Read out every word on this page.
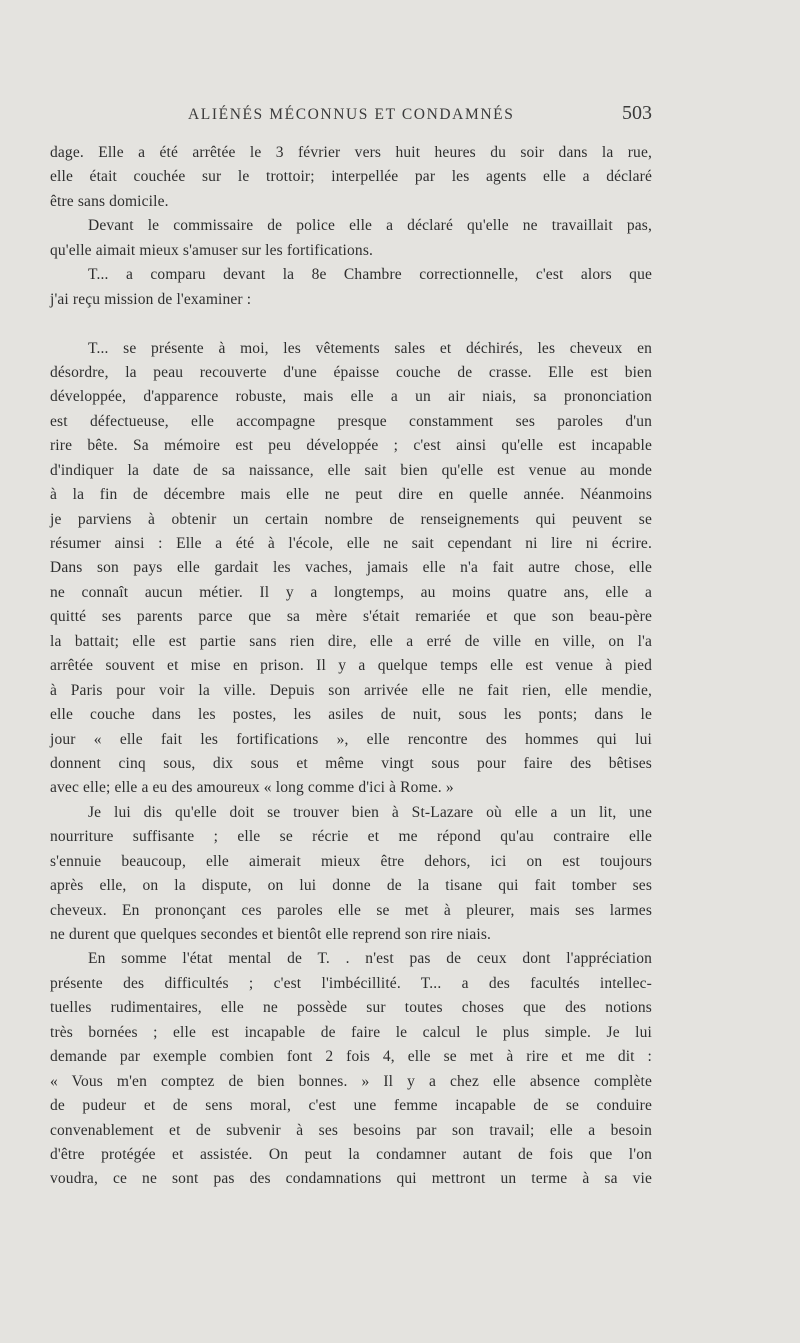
ALIÉNÉS MÉCONNUS ET CONDAMNÉS	503
dage. Elle a été arrêtée le 3 février vers huit heures du soir dans la rue,
elle était couchée sur le trottoir; interpellée par les agents elle a déclaré
être sans domicile.
Devant le commissaire de police elle a déclaré qu'elle ne travaillait pas,
qu'elle aimait mieux s'amuser sur les fortifications.
T... a comparu devant la 8e Chambre correctionnelle, c'est alors que
j'ai reçu mission de l'examiner :
T... se présente à moi, les vêtements sales et déchirés, les cheveux en
désordre, la peau recouverte d'une épaisse couche de crasse. Elle est bien
développée, d'apparence robuste, mais elle a un air niais, sa prononciation
est défectueuse, elle accompagne presque constamment ses paroles d'un
rire bête. Sa mémoire est peu développée ; c'est ainsi qu'elle est incapable
d'indiquer la date de sa naissance, elle sait bien qu'elle est venue au monde
à la fin de décembre mais elle ne peut dire en quelle année. Néanmoins
je parviens à obtenir un certain nombre de renseignements qui peuvent se
résumer ainsi : Elle a été à l'école, elle ne sait cependant ni lire ni écrire.
Dans son pays elle gardait les vaches, jamais elle n'a fait autre chose, elle
ne connaît aucun métier. Il y a longtemps, au moins quatre ans, elle a
quitté ses parents parce que sa mère s'était remariée et que son beau-père
la battait; elle est partie sans rien dire, elle a erré de ville en ville, on l'a
arrêtée souvent et mise en prison. Il y a quelque temps elle est venue à pied
à Paris pour voir la ville. Depuis son arrivée elle ne fait rien, elle mendie,
elle couche dans les postes, les asiles de nuit, sous les ponts; dans le
jour « elle fait les fortifications », elle rencontre des hommes qui lui
donnent cinq sous, dix sous et même vingt sous pour faire des bêtises
avec elle; elle a eu des amoureux « long comme d'ici à Rome. »
Je lui dis qu'elle doit se trouver bien à St-Lazare où elle a un lit, une
nourriture suffisante ; elle se récrie et me répond qu'au contraire elle
s'ennuie beaucoup, elle aimerait mieux être dehors, ici on est toujours
après elle, on la dispute, on lui donne de la tisane qui fait tomber ses
cheveux. En prononçant ces paroles elle se met à pleurer, mais ses larmes
ne durent que quelques secondes et bientôt elle reprend son rire niais.
En somme l'état mental de T. . n'est pas de ceux dont l'appréciation
présente des difficultés ; c'est l'imbécillité. T... a des facultés intellec-
tuelles rudimentaires, elle ne possède sur toutes choses que des notions
très bornées ; elle est incapable de faire le calcul le plus simple. Je lui
demande par exemple combien font 2 fois 4, elle se met à rire et me dit :
« Vous m'en comptez de bien bonnes. » Il y a chez elle absence complète
de pudeur et de sens moral, c'est une femme incapable de se conduire
convenablement et de subvenir à ses besoins par son travail; elle a besoin
d'être protégée et assistée. On peut la condamner autant de fois que l'on
voudra, ce ne sont pas des condamnations qui mettront un terme à sa vie
